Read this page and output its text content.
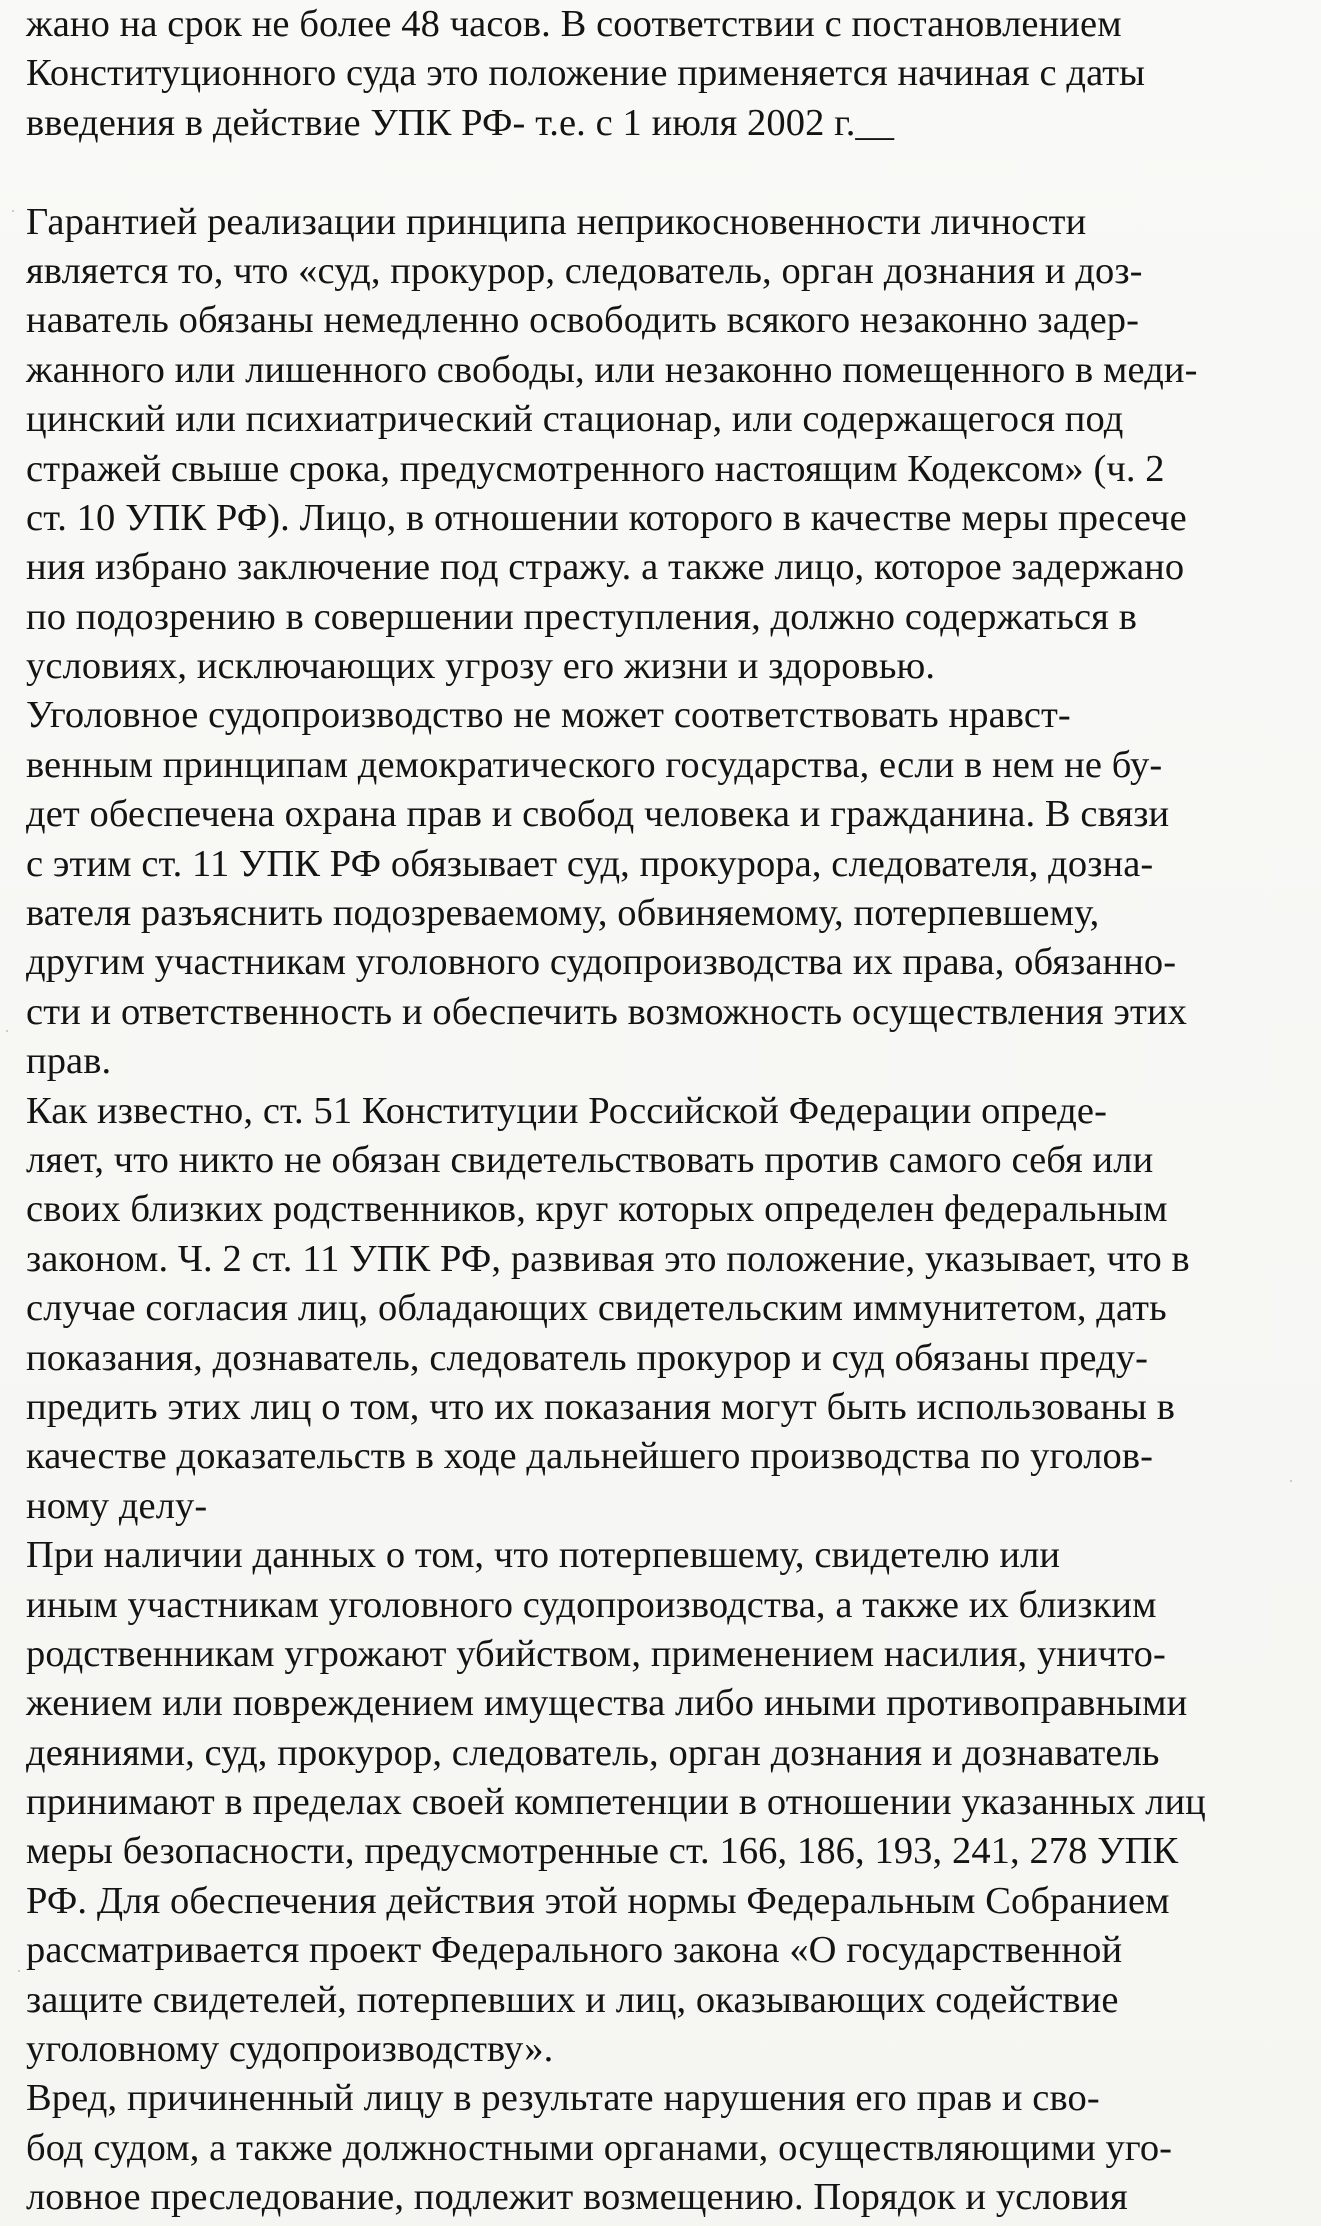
жано на срок не более 48 часов. В соответствии с постановлением
Конституционного суда это положение применяется начиная с даты
введения в действие УПК РФ- т.е. с 1 июля 2002 г.__
Гарантией реализации принципа неприкосновенности личности
является то, что «суд, прокурор, следователь, орган дознания и доз-
наватель обязаны немедленно освободить всякого незаконно задер-
жанного или лишенного свободы, или незаконно помещенного в меди-
цинский или психиатрический стационар, или содержащегося под
стражей свыше срока, предусмотренного настоящим Кодексом» (ч. 2
ст. 10 УПК РФ). Лицо, в отношении которого в качестве меры пресече
ния избрано заключение под стражу. а также лицо, которое задержано
по подозрению в совершении преступления, должно содержаться в
условиях, исключающих угрозу его жизни и здоровью.
Уголовное судопроизводство не может соответствовать нравст-
венным принципам демократического государства, если в нем не бу-
дет обеспечена охрана прав и свобод человека и гражданина. В связи
с этим ст. 11 УПК РФ обязывает суд, прокурора, следователя, дозна-
вателя разъяснить подозреваемому, обвиняемому, потерпевшему,
другим участникам уголовного судопроизводства их права, обязанно-
сти и ответственность и обеспечить возможность осуществления этих
прав.
Как известно, ст. 51 Конституции Российской Федерации опреде-
ляет, что никто не обязан свидетельствовать против самого себя или
своих близких родственников, круг которых определен федеральным
законом. Ч. 2 ст. 11 УПК РФ, развивая это положение, указывает, что в
случае согласия лиц, обладающих свидетельским иммунитетом, дать
показания, дознаватель, следователь прокурор и суд обязаны преду-
предить этих лиц о том, что их показания могут быть использованы в
качестве доказательств в ходе дальнейшего производства по уголов-
ному делу-
При наличии данных о том, что потерпевшему, свидетелю или
иным участникам уголовного судопроизводства, а также их близким
родственникам угрожают убийством, применением насилия, уничто-
жением или повреждением имущества либо иными противоправными
деяниями, суд, прокурор, следователь, орган дознания и дознаватель
принимают в пределах своей компетенции в отношении указанных лиц
меры безопасности, предусмотренные ст. 166, 186, 193, 241, 278 УПК
РФ. Для обеспечения действия этой нормы Федеральным Собранием
рассматривается проект Федерального закона «О государственной
защите свидетелей, потерпевших и лиц, оказывающих содействие
уголовному судопроизводству».
Вред, причиненный лицу в результате нарушения его прав и сво-
бод судом, а также должностными органами, осуществляющими уго-
ловное преследование, подлежит возмещению. Порядок и условия
